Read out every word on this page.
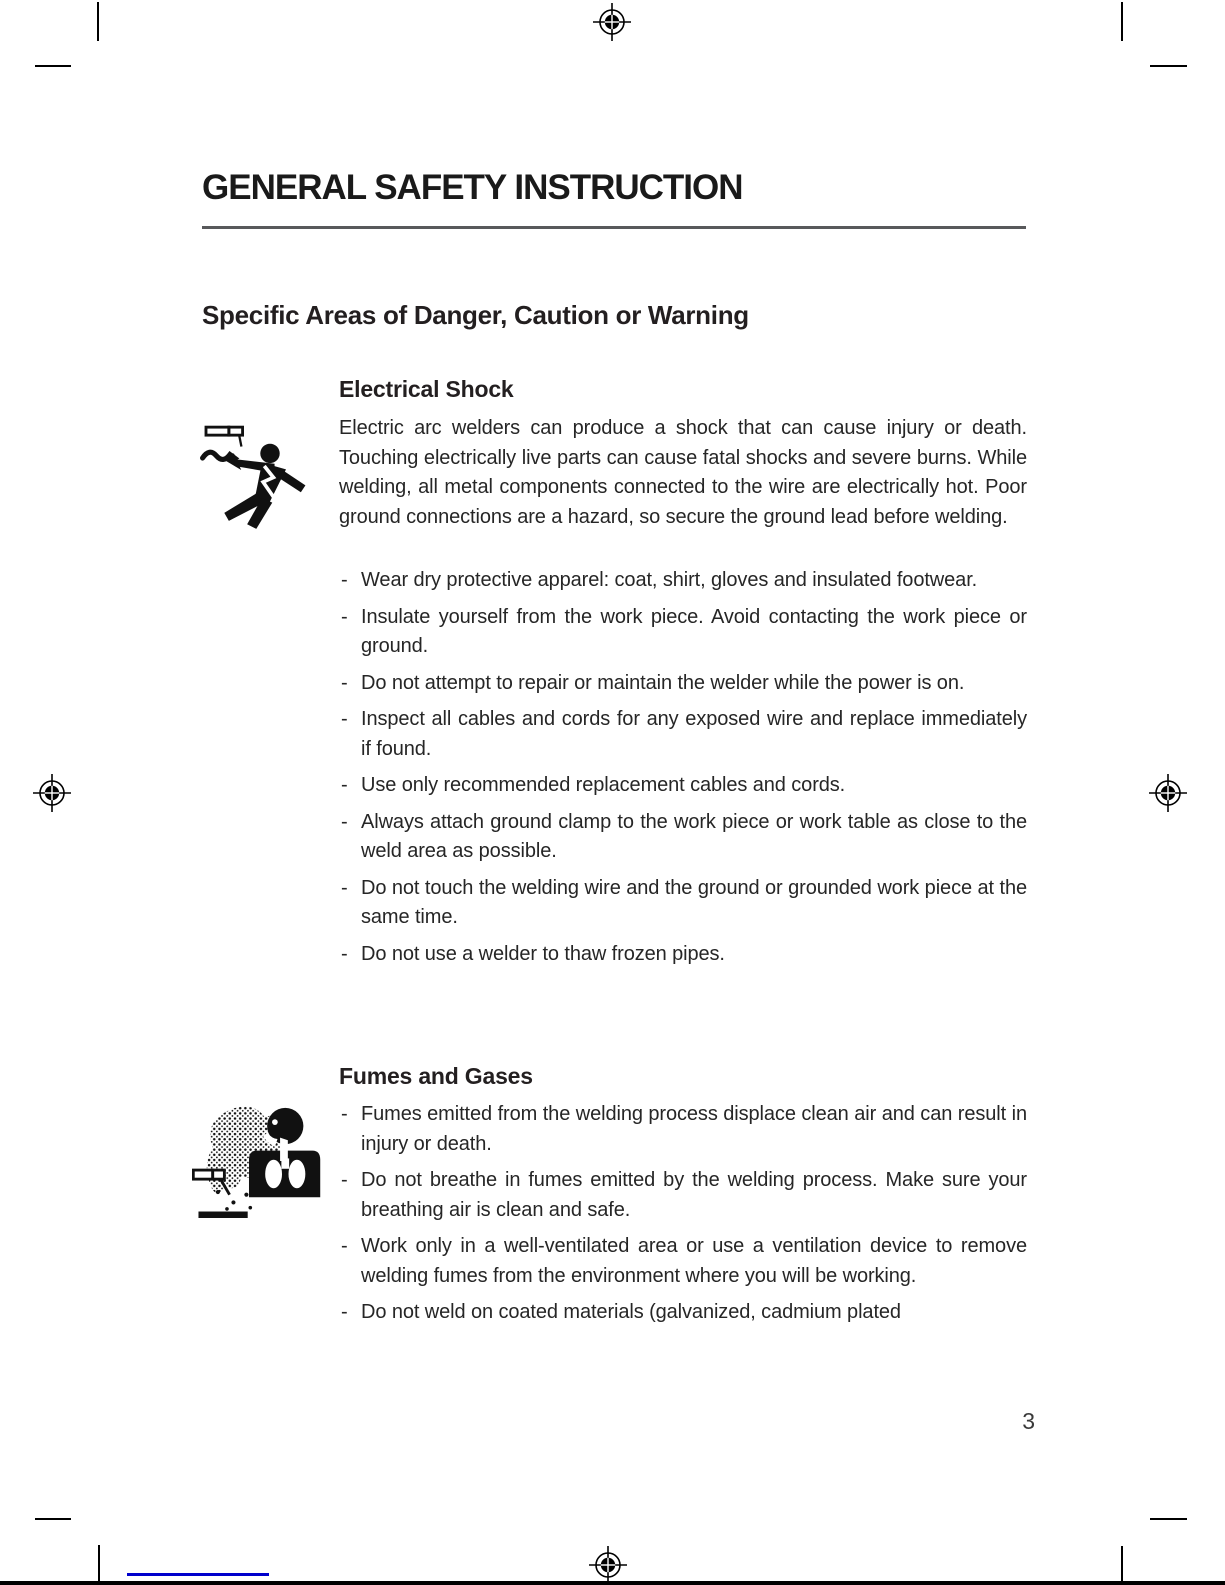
GENERAL SAFETY INSTRUCTION
Specific Areas of Danger, Caution or Warning
Electrical Shock
Electric arc welders can produce a shock that can cause injury or death. Touching electrically live parts can cause fatal shocks and severe burns. While welding, all metal components connected to the wire are electrically hot. Poor ground connections are a hazard, so secure the ground lead before welding.
- Wear dry protective apparel: coat, shirt, gloves and insulated footwear.
- Insulate yourself from the work piece. Avoid contacting the work piece or ground.
- Do not attempt to repair or maintain the welder while the power is on.
- Inspect all cables and cords for any exposed wire and replace immediately if found.
- Use only recommended replacement cables and cords.
- Always attach ground clamp to the work piece or work table as close to the weld area as possible.
- Do not touch the welding wire and the ground or grounded work piece at the same time.
- Do not use a welder to thaw frozen pipes.
Fumes and Gases
- Fumes emitted from the welding process displace clean air and can result in injury or death.
- Do not breathe in fumes emitted by the welding process. Make sure your breathing air is clean and safe.
- Work only in a well-ventilated area or use a ventilation device to remove welding fumes from the environment where you will be working.
- Do not weld on coated materials (galvanized, cadmium plated
3
